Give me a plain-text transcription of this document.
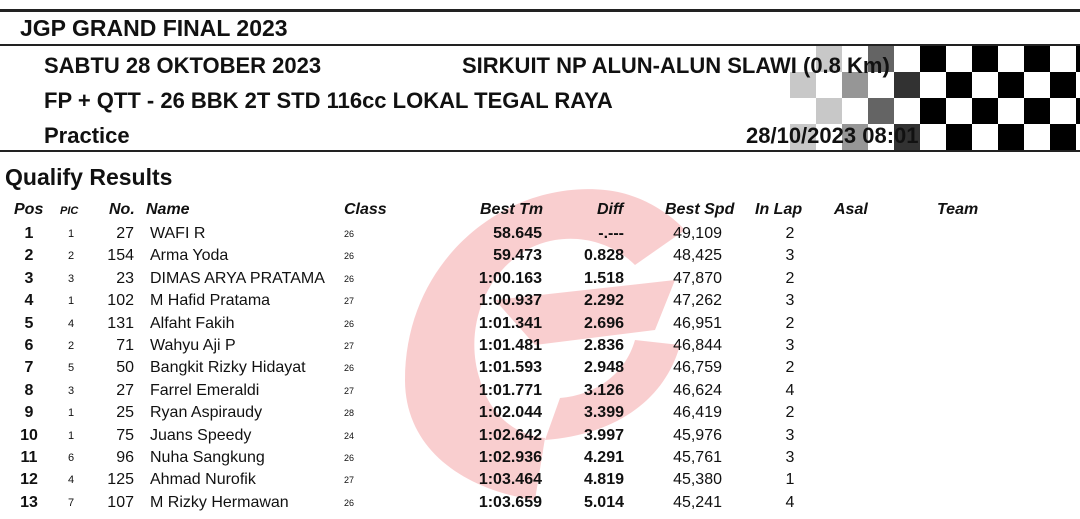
JGP GRAND FINAL 2023
SABTU 28 OKTOBER 2023	SIRKUIT NP ALUN-ALUN SLAWI (0.8 Km)
FP + QTT - 26 BBK 2T STD 116cc LOKAL TEGAL RAYA
Practice	28/10/2023 08:01
Qualify Results
Pos PIC No. Name	Class	Best Tm	Diff	Best Spd In Lap Asal	Team
1	1	27 WAFI R	26	58.645	-.---	49,109	2
2	2	154 Arma Yoda	26	59.473	0.828	48,425	3
3	3	23 DIMAS ARYA PRATAMA	26	1:00.163	1.518	47,870	2
4	1	102 M Hafid Pratama	27	1:00.937	2.292	47,262	3
5	4	131 Alfaht Fakih	26	1:01.341	2.696	46,951	2
6	2	71 Wahyu Aji P	27	1:01.481	2.836	46,844	3
7	5	50 Bangkit Rizky Hidayat	26	1:01.593	2.948	46,759	2
8	3	27 Farrel Emeraldi	27	1:01.771	3.126	46,624	4
9	1	25 Ryan Aspiraudy	28	1:02.044	3.399	46,419	2
10	1	75 Juans Speedy	24	1:02.642	3.997	45,976	3
11	6	96 Nuha Sangkung	26	1:02.936	4.291	45,761	3
12	4	125 Ahmad Nurofik	27	1:03.464	4.819	45,380	1
13	7	107 M Rizky Hermawan	26	1:03.659	5.014	45,241	4
